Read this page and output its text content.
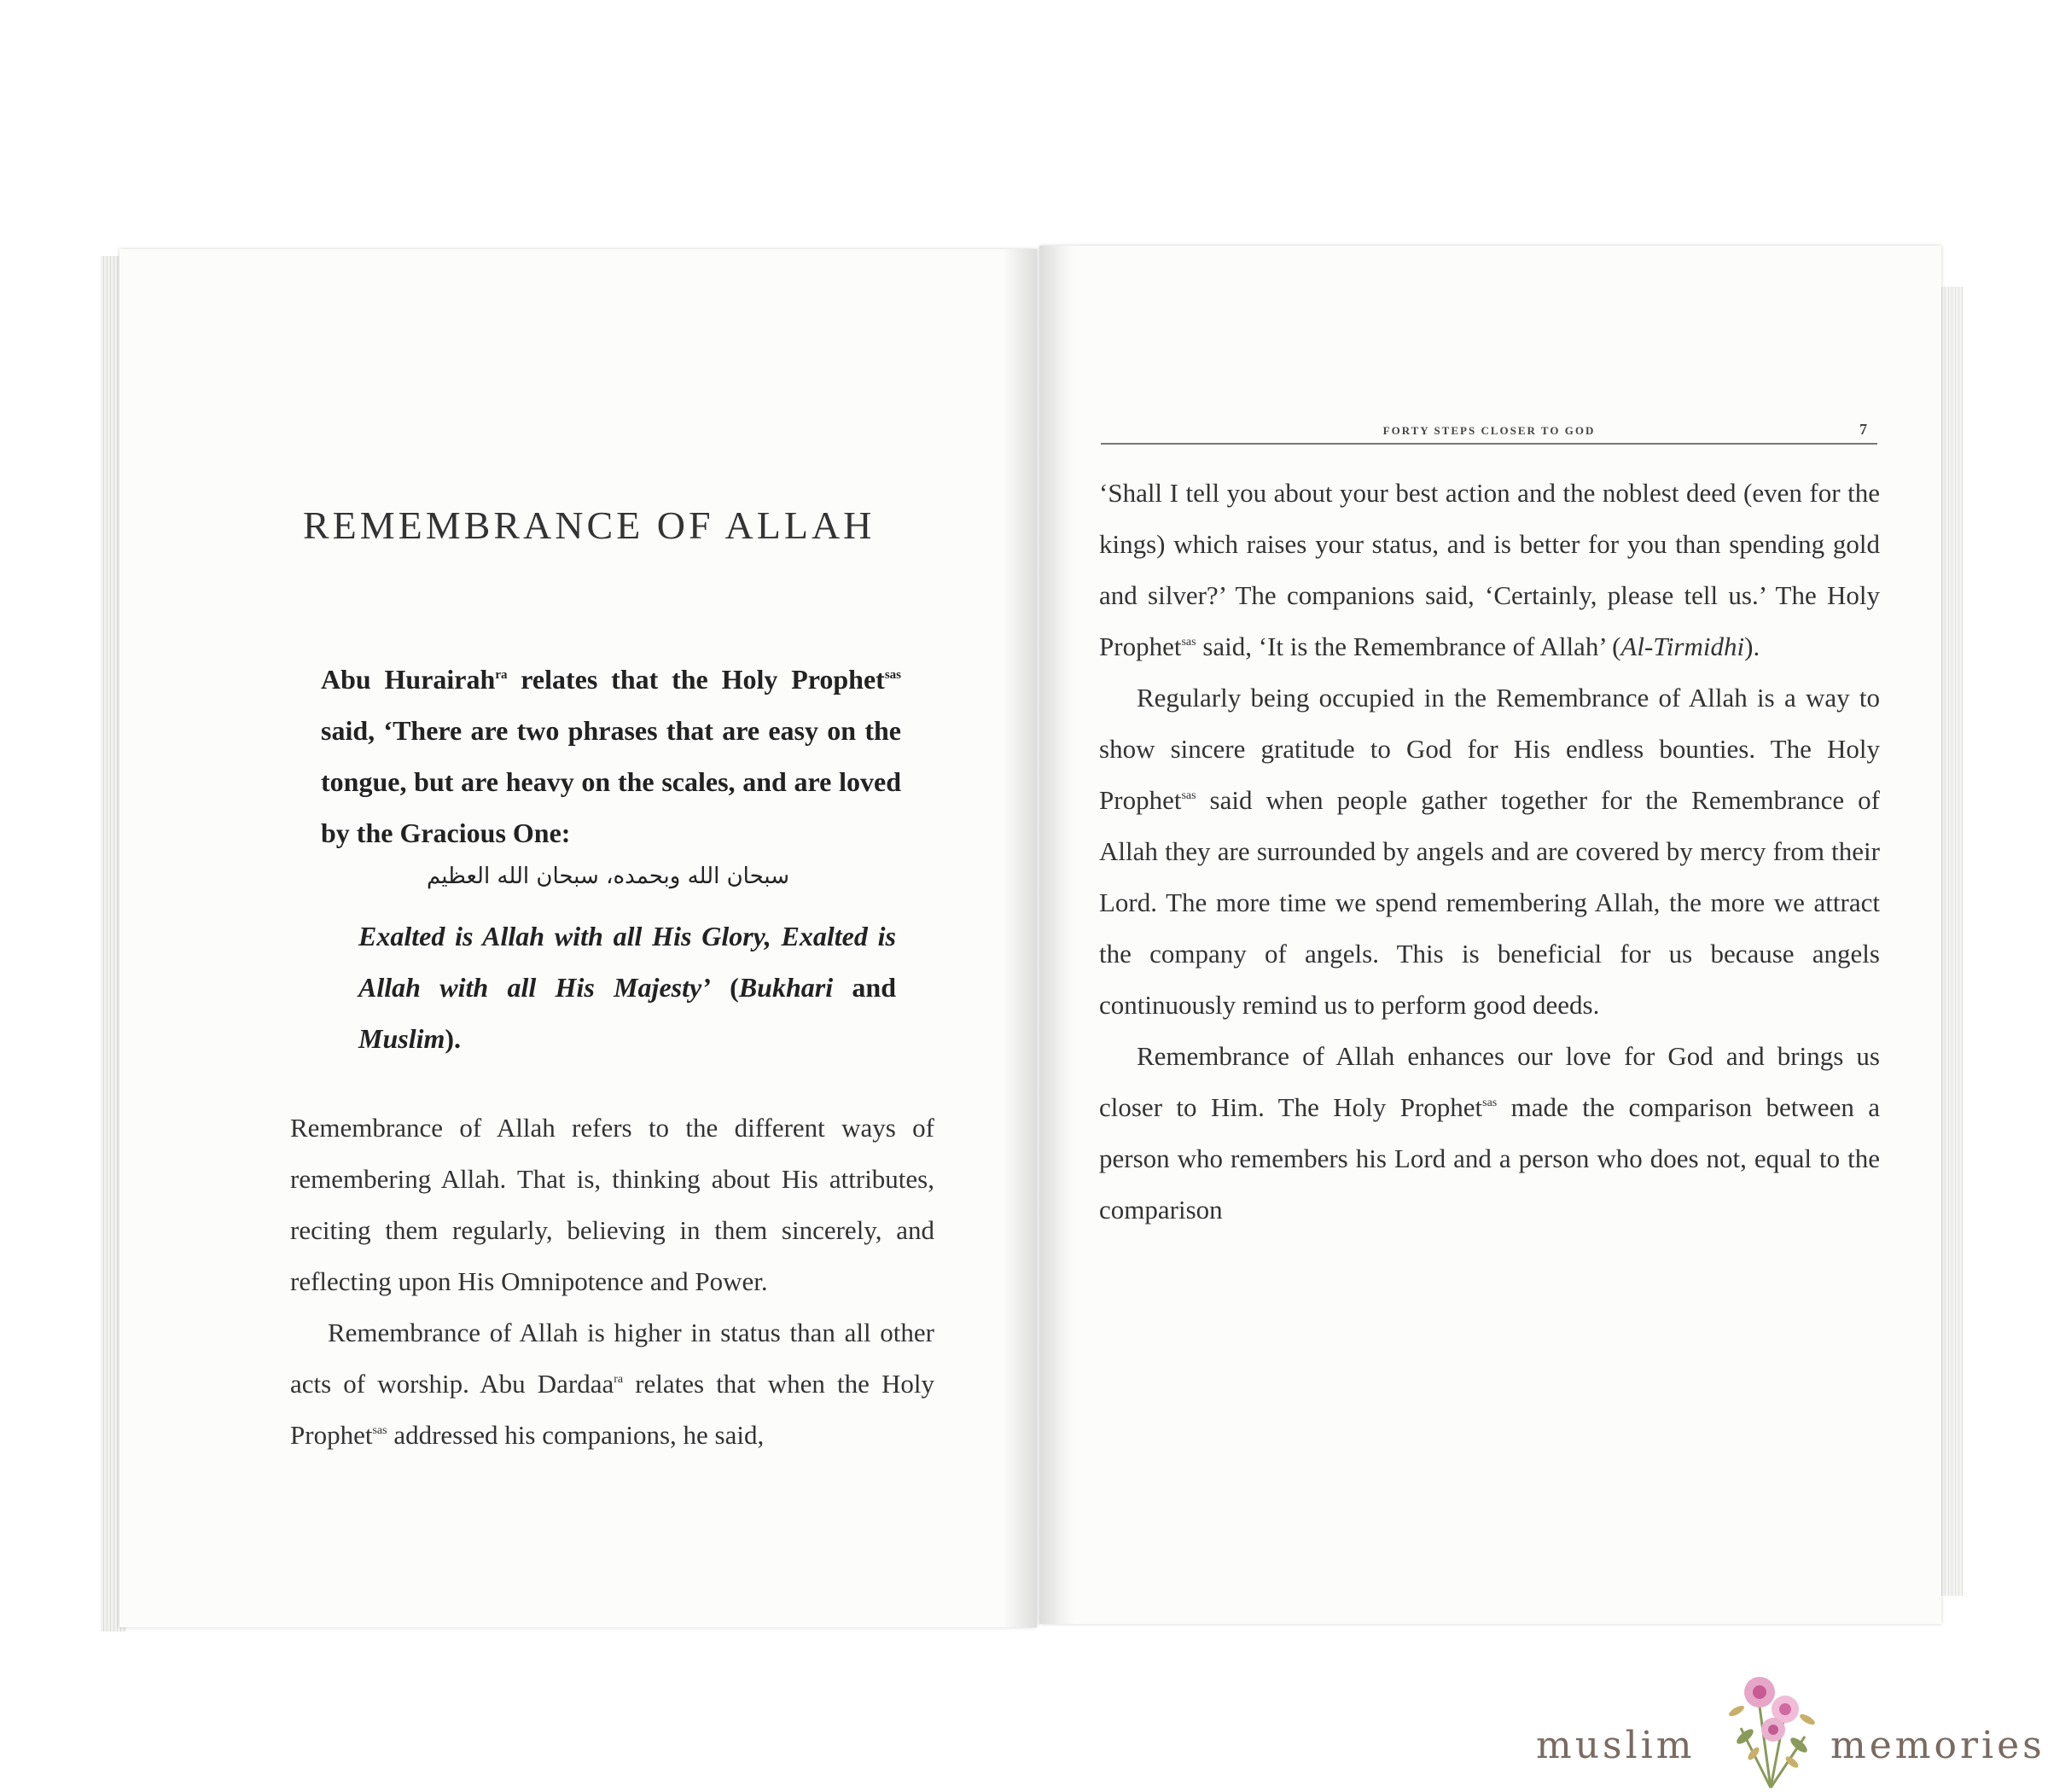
REMEMBRANCE OF ALLAH

Abu Hurairah$^{ra}$ relates that the Holy Prophet$^{sas}$ said, ‘There are two phrases that are easy on the tongue, but are heavy on the scales, and are loved by the Gracious One:

سبحان الله وبحمده، سبحان الله العظيم
Exalted is Allah with all His Glory, Exalted is Allah with all His Majesty’ (Bukhari and Muslim).

Remembrance of Allah refers to the different ways of remembering Allah. That is, thinking about His attributes, reciting them regularly, believing in them sincerely, and reflecting upon His Omnipotence and Power.

Remembrance of Allah is higher in status than all other acts of worship. Abu Dardaa$^{ra}$ relates that when the Holy Prophet$^{sas}$ addressed his companions, he said,

FORTY STEPS CLOSER TO GOD	7

‘Shall I tell you about your best action and the noblest deed (even for the kings) which raises your status, and is better for you than spending gold and silver?’ The companions said, ‘Certainly, please tell us.’ The Holy Prophet$^{sas}$ said, ‘It is the Remembrance of Allah’ (Al-Tirmidhi).

Regularly being occupied in the Remembrance of Allah is a way to show sincere gratitude to God for His endless bounties. The Holy Prophet$^{sas}$ said when people gather together for the Remembrance of Allah they are surrounded by angels and are covered by mercy from their Lord. The more time we spend remembering Allah, the more we attract the company of angels. This is beneficial for us because angels continuously remind us to perform good deeds.

Remembrance of Allah enhances our love for God and brings us closer to Him. The Holy Prophet$^{sas}$ made the comparison between a person who remembers his Lord and a person who does not, equal to the comparison

muslim	memories
